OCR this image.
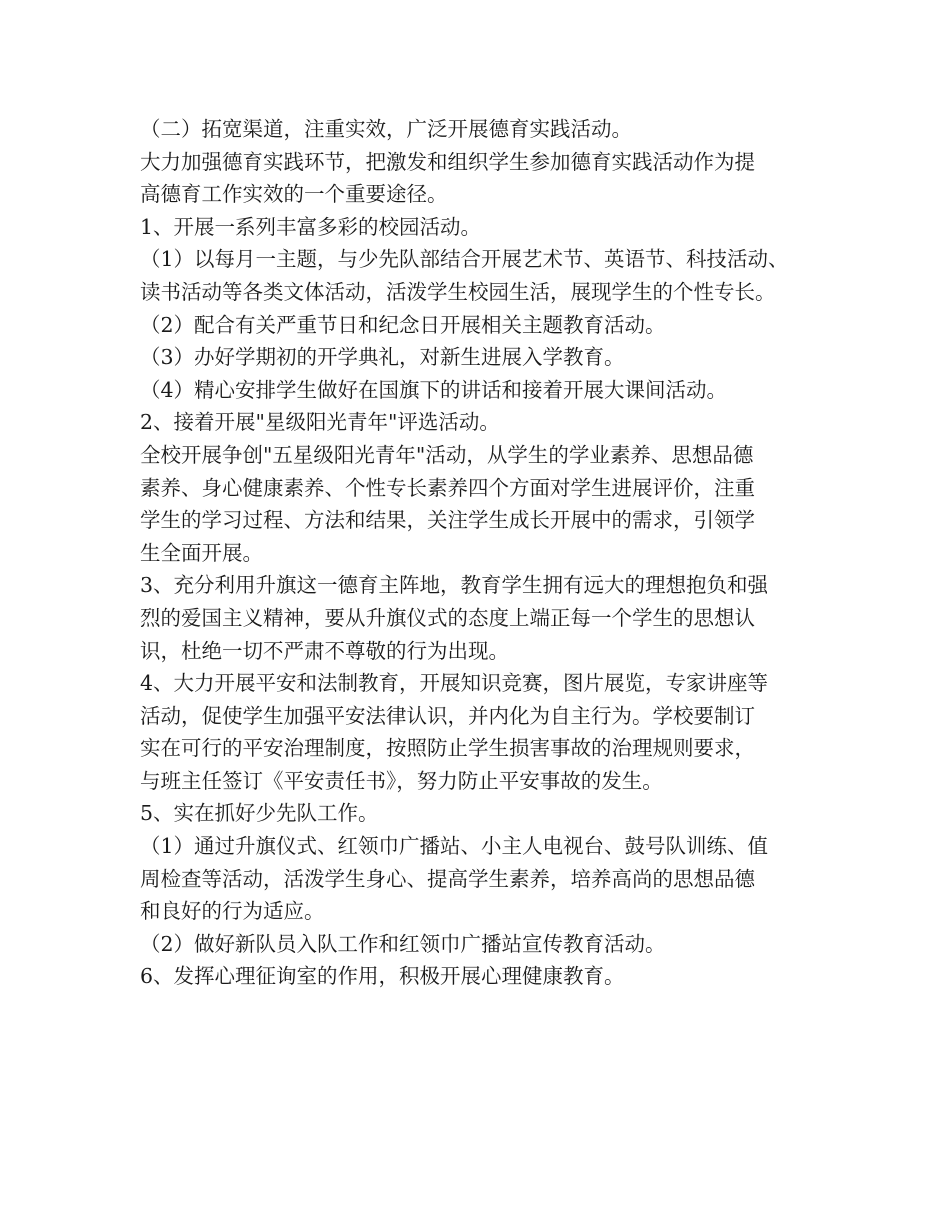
（二）拓宽渠道，注重实效，广泛开展德育实践活动。
大力加强德育实践环节，把激发和组织学生参加德育实践活动作为提
高德育工作实效的一个重要途径。
1、开展一系列丰富多彩的校园活动。
（1）以每月一主题，与少先队部结合开展艺术节、英语节、科技活动、
读书活动等各类文体活动，活泼学生校园生活，展现学生的个性专长。
（2）配合有关严重节日和纪念日开展相关主题教育活动。
（3）办好学期初的开学典礼，对新生进展入学教育。
（4）精心安排学生做好在国旗下的讲话和接着开展大课间活动。
2、接着开展"星级阳光青年"评选活动。
全校开展争创"五星级阳光青年"活动，从学生的学业素养、思想品德
素养、身心健康素养、个性专长素养四个方面对学生进展评价，注重
学生的学习过程、方法和结果，关注学生成长开展中的需求，引领学
生全面开展。
3、充分利用升旗这一德育主阵地，教育学生拥有远大的理想抱负和强
烈的爱国主义精神，要从升旗仪式的态度上端正每一个学生的思想认
识，杜绝一切不严肃不尊敬的行为出现。
4、大力开展平安和法制教育，开展知识竞赛，图片展览，专家讲座等
活动，促使学生加强平安法律认识，并内化为自主行为。学校要制订
实在可行的平安治理制度，按照防止学生损害事故的治理规则要求，
与班主任签订《平安责任书》，努力防止平安事故的发生。
5、实在抓好少先队工作。
（1）通过升旗仪式、红领巾广播站、小主人电视台、鼓号队训练、值
周检查等活动，活泼学生身心、提高学生素养，培养高尚的思想品德
和良好的行为适应。
（2）做好新队员入队工作和红领巾广播站宣传教育活动。
6、发挥心理征询室的作用，积极开展心理健康教育。
